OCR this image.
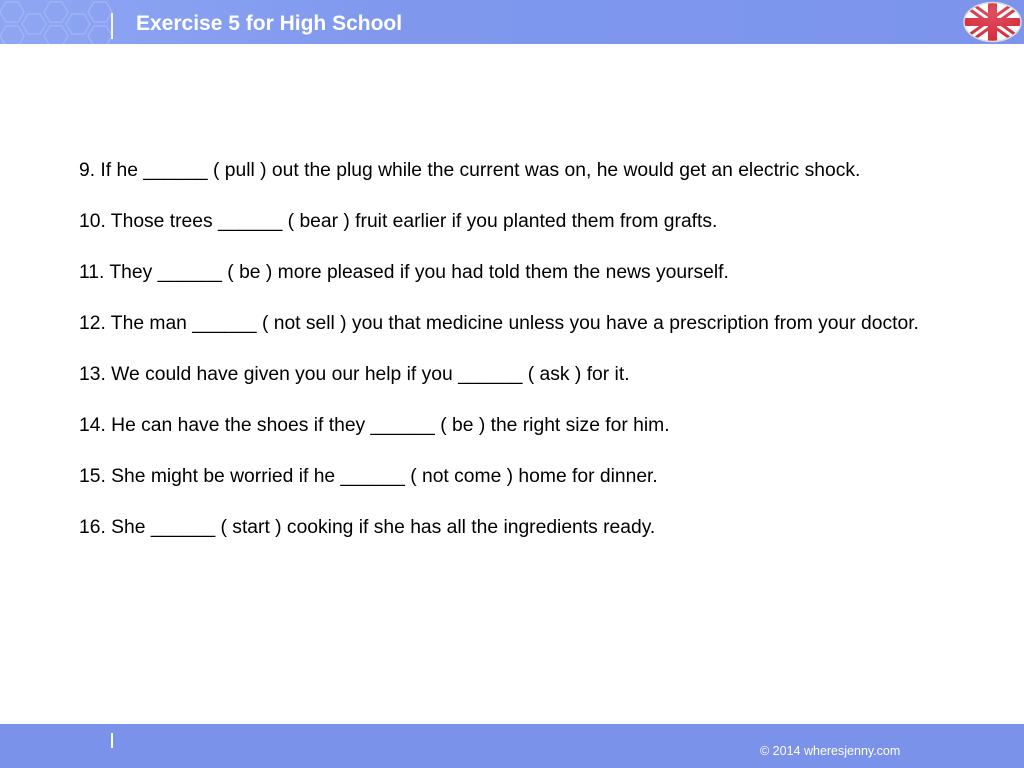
Exercise 5 for High School

9. If he ______ ( pull ) out the plug while the current was on, he would get an electric shock.

10. Those trees ______ ( bear ) fruit earlier if you planted them from grafts.

11. They ______ ( be ) more pleased if you had told them the news yourself.

12. The man ______ ( not sell ) you that medicine unless you have a prescription from your doctor.

13. We could have given you our help if you ______ ( ask ) for it.

14. He can have the shoes if they ______ ( be ) the right size for him.

15. She might be worried if he ______ ( not come ) home for dinner.

16. She ______ ( start ) cooking if she has all the ingredients ready.

© 2014 wheresjenny.com
